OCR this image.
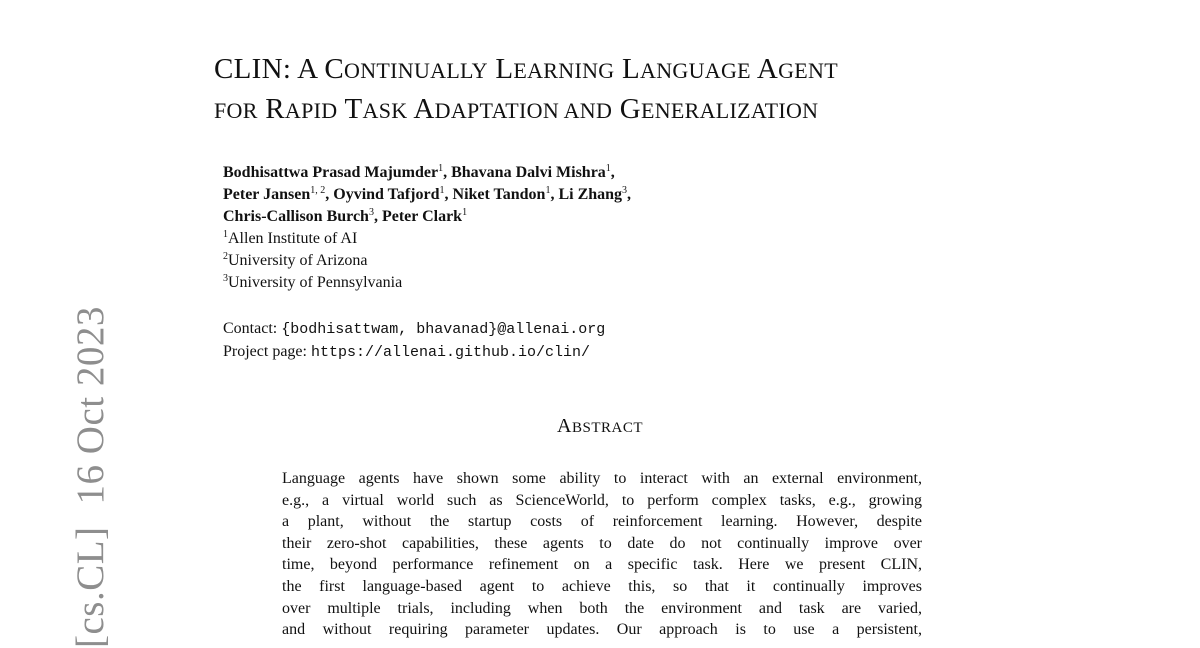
[cs.CL]16 Oct 2023
CLIN: A CONTINUALLY LEARNING LANGUAGE AGENT
FOR RAPID TASK ADAPTATION AND GENERALIZATION
Bodhisattwa Prasad Majumder$^1$, Bhavana Dalvi Mishra$^1$,
Peter Jansen$^{1, 2}$, Oyvind Tafjord$^1$, Niket Tandon$^1$, Li Zhang$^3$,
Chris-Callison Burch$^3$, Peter Clark$^1$
$^1$Allen Institute of AI
$^2$University of Arizona
$^3$University of Pennsylvania
Contact: {bodhisattwam, bhavanad}@allenai.org
Project page: https://allenai.github.io/clin/
ABSTRACT
Language agents have shown some ability to interact with an external environment,
e.g., a virtual world such as ScienceWorld, to perform complex tasks, e.g., growing
a plant, without the startup costs of reinforcement learning. However, despite
their zero-shot capabilities, these agents to date do not continually improve over
time, beyond performance refinement on a specific task. Here we present CLIN,
the first language-based agent to achieve this, so that it continually improves
over multiple trials, including when both the environment and task are varied,
and without requiring parameter updates. Our approach is to use a persistent,
